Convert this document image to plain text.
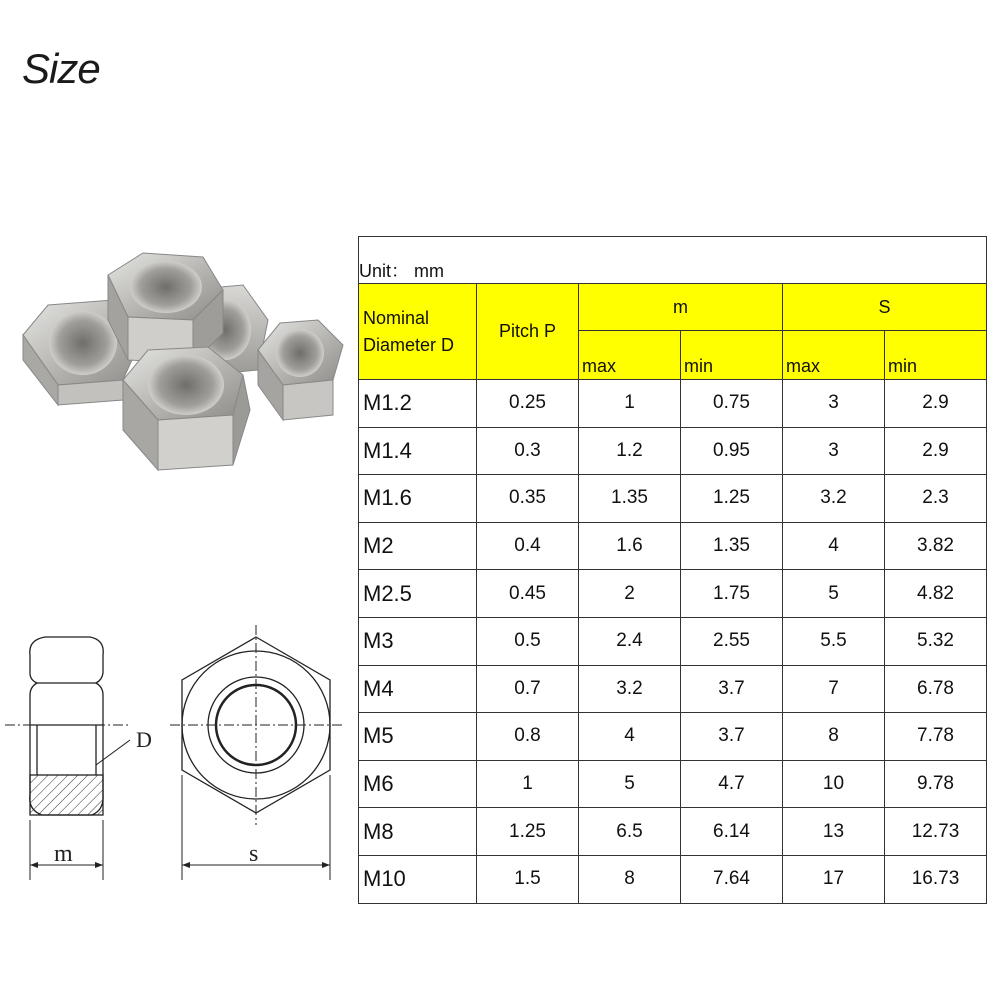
Size
D
m	s
Unit： mm					
Nominal
Diameter D	Pitch P	m		S	
		max	min	max	min
M1.2	0.25	1	0.75	3	2.9
M1.4	0.3	1.2	0.95	3	2.9
M1.6	0.35	1.35	1.25	3.2	2.3
M2	0.4	1.6	1.35	4	3.82
M2.5	0.45	2	1.75	5	4.82
M3	0.5	2.4	2.55	5.5	5.32
M4	0.7	3.2	3.7	7	6.78
M5	0.8	4	3.7	8	7.78
M6	1	5	4.7	10	9.78
M8	1.25	6.5	6.14	13	12.73
M10	1.5	8	7.64	17	16.73
